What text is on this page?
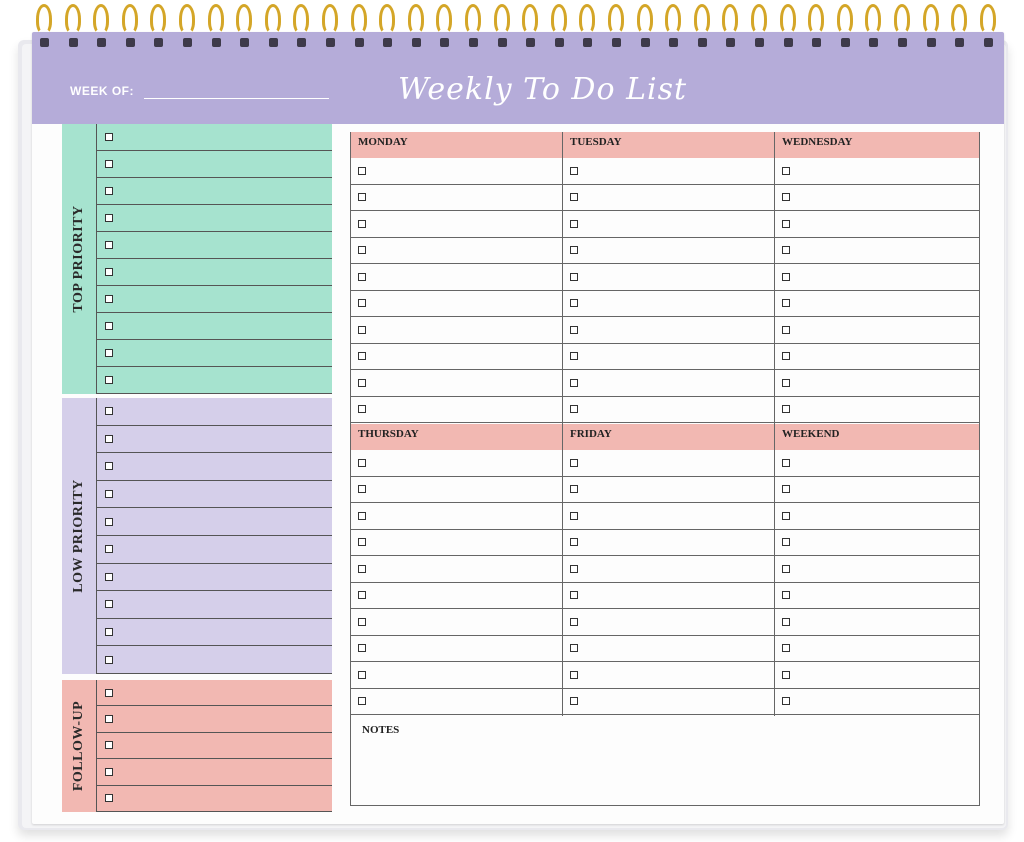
WEEK OF:	Weekly To Do List
TOP PRIORITY
LOW PRIORITY
FOLLOW-UP
MONDAY	TUESDAY	WEDNESDAY
THURSDAY	FRIDAY	WEEKEND
NOTES
